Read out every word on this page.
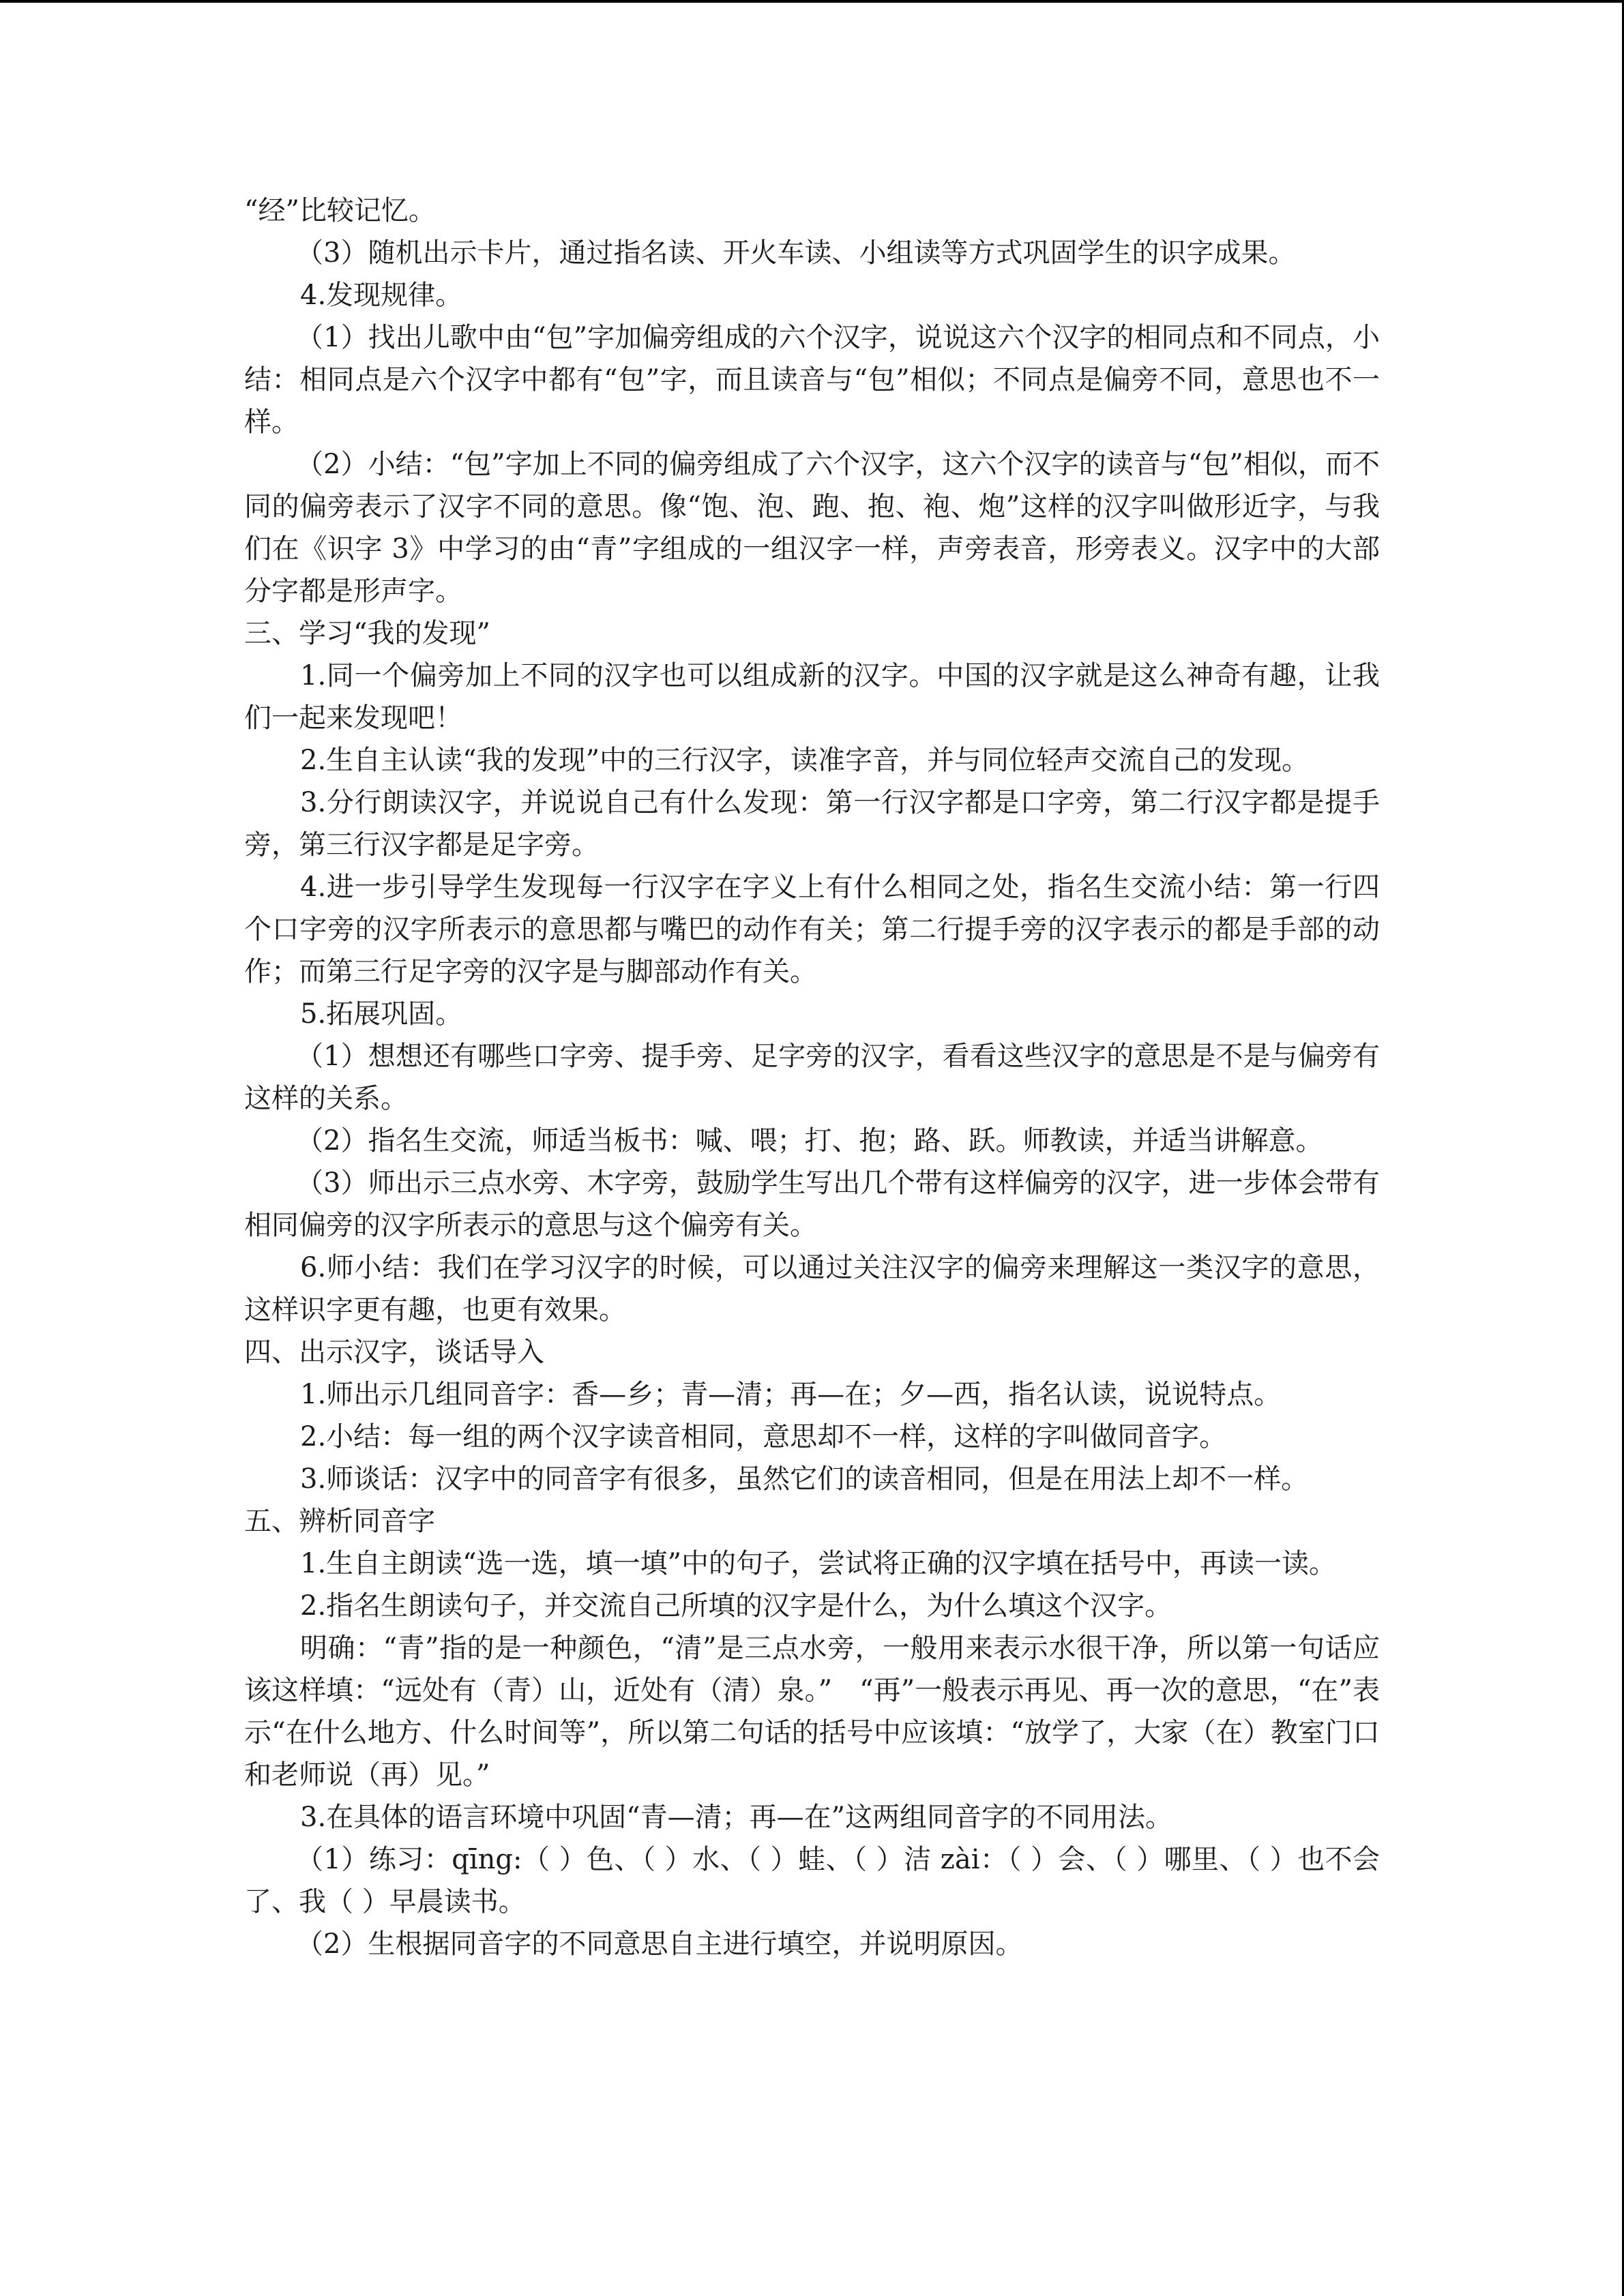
“经”比较记忆。

（3）随机出示卡片，通过指名读、开火车读、小组读等方式巩固学生的识字成果。

4.发现规律。

（1）找出儿歌中由“包”字加偏旁组成的六个汉字，说说这六个汉字的相同点和不同点，小结：相同点是六个汉字中都有“包”字，而且读音与“包”相似；不同点是偏旁不同，意思也不一样。

（2）小结：“包”字加上不同的偏旁组成了六个汉字，这六个汉字的读音与“包”相似，而不同的偏旁表示了汉字不同的意思。像“饱、泡、跑、抱、袍、炮”这样的汉字叫做形近字，与我们在《识字 3》中学习的由“青”字组成的一组汉字一样，声旁表音，形旁表义。汉字中的大部分字都是形声字。

三、学习“我的发现”

1.同一个偏旁加上不同的汉字也可以组成新的汉字。中国的汉字就是这么神奇有趣，让我们一起来发现吧！

2.生自主认读“我的发现”中的三行汉字，读准字音，并与同位轻声交流自己的发现。

3.分行朗读汉字，并说说自己有什么发现：第一行汉字都是口字旁，第二行汉字都是提手旁，第三行汉字都是足字旁。

4.进一步引导学生发现每一行汉字在字义上有什么相同之处，指名生交流小结：第一行四个口字旁的汉字所表示的意思都与嘴巴的动作有关；第二行提手旁的汉字表示的都是手部的动作；而第三行足字旁的汉字是与脚部动作有关。

5.拓展巩固。

（1）想想还有哪些口字旁、提手旁、足字旁的汉字，看看这些汉字的意思是不是与偏旁有这样的关系。

（2）指名生交流，师适当板书：喊、喂；打、抱；路、跃。师教读，并适当讲解意。

（3）师出示三点水旁、木字旁，鼓励学生写出几个带有这样偏旁的汉字，进一步体会带有相同偏旁的汉字所表示的意思与这个偏旁有关。

6.师小结：我们在学习汉字的时候，可以通过关注汉字的偏旁来理解这一类汉字的意思，这样识字更有趣，也更有效果。

四、出示汉字，谈话导入

1.师出示几组同音字：香—乡；青—清；再—在；夕—西，指名认读，说说特点。

2.小结：每一组的两个汉字读音相同，意思却不一样，这样的字叫做同音字。

3.师谈话：汉字中的同音字有很多，虽然它们的读音相同，但是在用法上却不一样。

五、辨析同音字

1.生自主朗读“选一选，填一填”中的句子，尝试将正确的汉字填在括号中，再读一读。

2.指名生朗读句子，并交流自己所填的汉字是什么，为什么填这个汉字。

明确：“青”指的是一种颜色，“清”是三点水旁，一般用来表示水很干净，所以第一句话应该这样填：“远处有（青）山，近处有（清）泉。”　“再”一般表示再见、再一次的意思，“在”表示“在什么地方、什么时间等”，所以第二句话的括号中应该填：“放学了，大家（在）教室门口和老师说（再）见。”

3.在具体的语言环境中巩固“青—清；再—在”这两组同音字的不同用法。

（1）练习：qīng:（ ）色、（ ）水、（ ）蛙、（ ）洁 zài：（ ）会、（ ）哪里、（ ）也不会了、我（ ）早晨读书。

（2）生根据同音字的不同意思自主进行填空，并说明原因。
